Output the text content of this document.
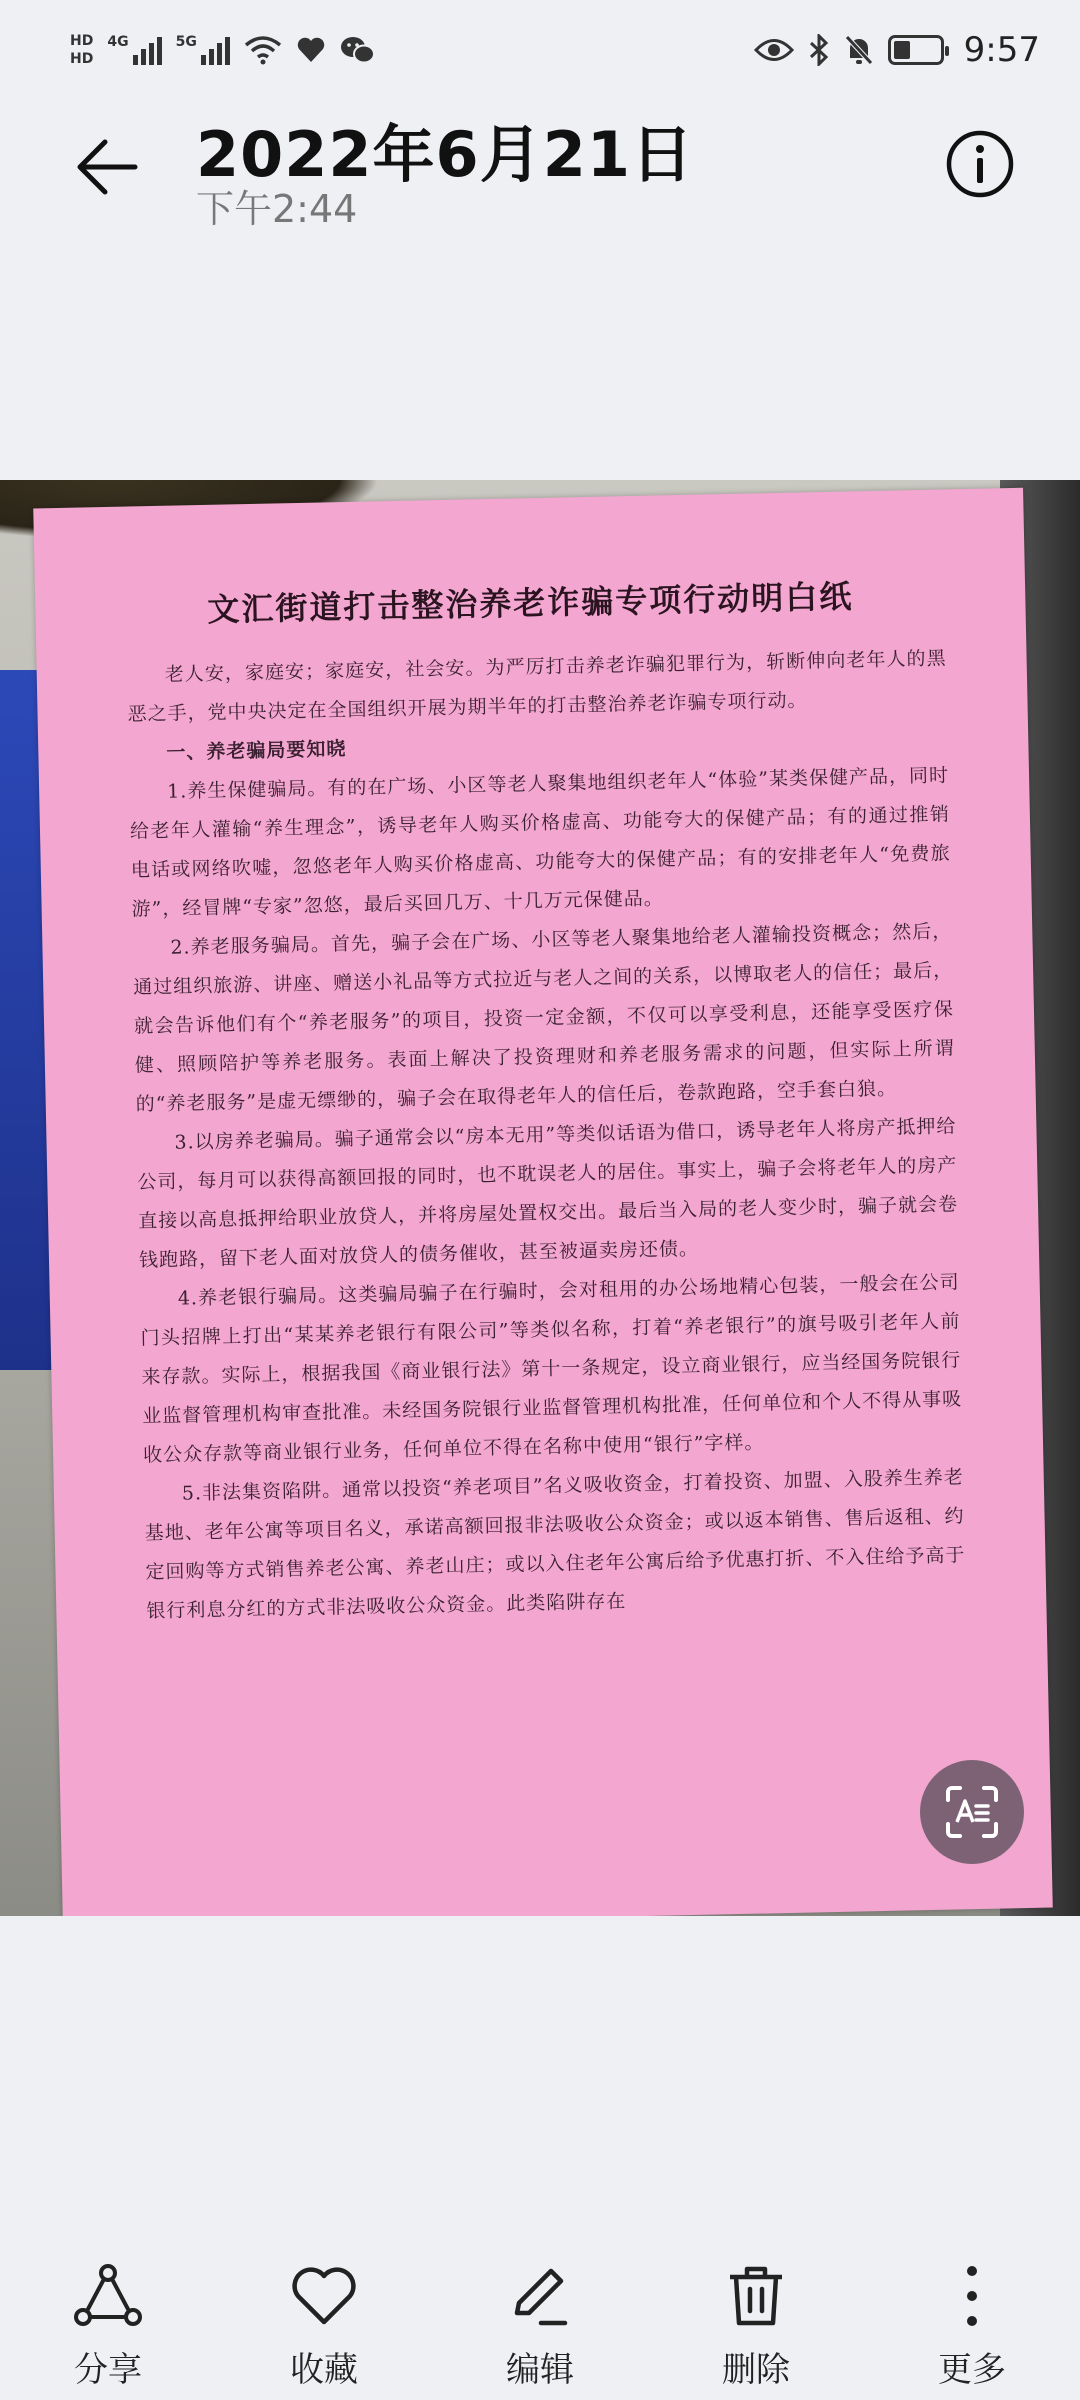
HD
HD
4G	5G	9:57
2022年6月21日
下午2:44
文汇街道打击整治养老诈骗专项行动明白纸

老人安，家庭安；家庭安，社会安。为严厉打击养老诈骗犯罪行为，斩断伸向老年人的黑恶之手，党中央决定在全国组织开展为期半年的打击整治养老诈骗专项行动。

一、养老骗局要知晓

1.养生保健骗局。有的在广场、小区等老人聚集地组织老年人“体验”某类保健产品，同时给老年人灌输“养生理念”，诱导老年人购买价格虚高、功能夸大的保健产品；有的通过推销电话或网络吹嘘，忽悠老年人购买价格虚高、功能夸大的保健产品；有的安排老年人“免费旅游”，经冒牌“专家”忽悠，最后买回几万、十几万元保健品。

2.养老服务骗局。首先，骗子会在广场、小区等老人聚集地给老人灌输投资概念；然后，通过组织旅游、讲座、赠送小礼品等方式拉近与老人之间的关系，以博取老人的信任；最后，就会告诉他们有个“养老服务”的项目，投资一定金额，不仅可以享受利息，还能享受医疗保健、照顾陪护等养老服务。表面上解决了投资理财和养老服务需求的问题，但实际上所谓的“养老服务”是虚无缥缈的，骗子会在取得老年人的信任后，卷款跑路，空手套白狼。

3.以房养老骗局。骗子通常会以“房本无用”等类似话语为借口，诱导老年人将房产抵押给公司，每月可以获得高额回报的同时，也不耽误老人的居住。事实上，骗子会将老年人的房产直接以高息抵押给职业放贷人，并将房屋处置权交出。最后当入局的老人变少时，骗子就会卷钱跑路，留下老人面对放贷人的债务催收，甚至被逼卖房还债。

4.养老银行骗局。这类骗局骗子在行骗时，会对租用的办公场地精心包装，一般会在公司门头招牌上打出“某某养老银行有限公司”等类似名称，打着“养老银行”的旗号吸引老年人前来存款。实际上，根据我国《商业银行法》第十一条规定，设立商业银行，应当经国务院银行业监督管理机构审查批准。未经国务院银行业监督管理机构批准，任何单位和个人不得从事吸收公众存款等商业银行业务，任何单位不得在名称中使用“银行”字样。

5.非法集资陷阱。通常以投资“养老项目”名义吸收资金，打着投资、加盟、入股养生养老基地、老年公寓等项目名义，承诺高额回报非法吸收公众资金；或以返本销售、售后返租、约定回购等方式销售养老公寓、养老山庄；或以入住老年公寓后给予优惠打折、不入住给予高于银行利息分红的方式非法吸收公众资金。此类陷阱存在

分享	收藏	编辑	删除	更多
